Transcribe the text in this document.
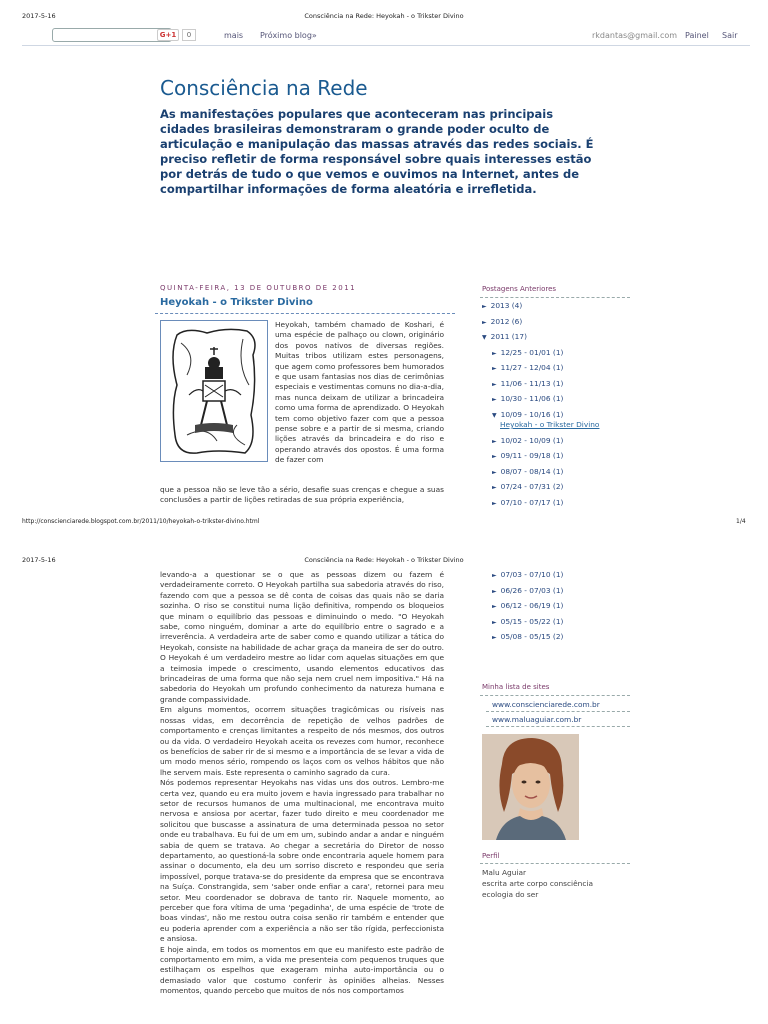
2017-5-16	Consciência na Rede: Heyokah - o Trikster Divino
G+1	0	mais Próximo blog»	rkdantas@gmail.com Painel Sair
Consciência na Rede
As manifestações populares que aconteceram nas principais cidades brasileiras demonstraram o grande poder oculto de articulação e manipulação das massas através das redes sociais. É preciso refletir de forma responsável sobre quais interesses estão por detrás de tudo o que vemos e ouvimos na Internet, antes de compartilhar informações de forma aleatória e irrefletida.
QUINTA-FEIRA, 13 DE OUTUBRO DE 2011
Heyokah - o Trikster Divino
Heyokah, também chamado de Koshari, é uma espécie de palhaço ou clown, originário dos povos nativos de diversas regiões. Muitas tribos utilizam estes personagens, que agem como professores bem humorados e que usam fantasias nos dias de cerimônias especiais e vestimentas comuns no dia-a-dia, mas nunca deixam de utilizar a brincadeira como uma forma de aprendizado. O Heyokah tem como objetivo fazer com que a pessoa pense sobre e a partir de si mesma, criando lições através da brincadeira e do riso e operando através dos opostos. É uma forma de fazer com
que a pessoa não se leve tão a sério, desafie suas crenças e chegue a suas conclusões a partir de lições retiradas de sua própria experiência,
Postagens Anteriores
► 2013 (4)
► 2012 (6)
▼ 2011 (17)
► 12/25 - 01/01 (1)
► 11/27 - 12/04 (1)
► 11/06 - 11/13 (1)
► 10/30 - 11/06 (1)
▼ 10/09 - 10/16 (1)
Heyokah - o Trikster Divino
► 10/02 - 10/09 (1)
► 09/11 - 09/18 (1)
► 08/07 - 08/14 (1)
► 07/24 - 07/31 (2)
► 07/10 - 07/17 (1)
http://conscienciarede.blogspot.com.br/2011/10/heyokah-o-trikster-divino.html	1/4
2017-5-16	Consciência na Rede: Heyokah - o Trikster Divino
levando-a a questionar se o que as pessoas dizem ou fazem é verdadeiramente correto. O Heyokah partilha sua sabedoria através do riso, fazendo com que a pessoa se dê conta de coisas das quais não se daria sozinha. O riso se constitui numa lição definitiva, rompendo os bloqueios que minam o equilíbrio das pessoas e diminuindo o medo. "O Heyokah sabe, como ninguém, dominar a arte do equilíbrio entre o sagrado e a irreverência. A verdadeira arte de saber como e quando utilizar a tática do Heyokah, consiste na habilidade de achar graça da maneira de ser do outro. O Heyokah é um verdadeiro mestre ao lidar com aquelas situações em que a teimosia impede o crescimento, usando elementos educativos das brincadeiras de uma forma que não seja nem cruel nem impositiva." Há na sabedoria do Heyokah um profundo conhecimento da natureza humana e grande compassividade.
Em alguns momentos, ocorrem situações tragicômicas ou risíveis nas nossas vidas, em decorrência de repetição de velhos padrões de comportamento e crenças limitantes a respeito de nós mesmos, dos outros ou da vida. O verdadeiro Heyokah aceita os revezes com humor, reconhece os benefícios de saber rir de si mesmo e a importância de se levar a vida de um modo menos sério, rompendo os laços com os velhos hábitos que não lhe servem mais. Este representa o caminho sagrado da cura.
Nós podemos representar Heyokahs nas vidas uns dos outros. Lembro-me certa vez, quando eu era muito jovem e havia ingressado para trabalhar no setor de recursos humanos de uma multinacional, me encontrava muito nervosa e ansiosa por acertar, fazer tudo direito e meu coordenador me solicitou que buscasse a assinatura de uma determinada pessoa no setor onde eu trabalhava. Eu fui de um em um, subindo andar a andar e ninguém sabia de quem se tratava. Ao chegar a secretária do Diretor de nosso departamento, ao questioná-la sobre onde encontraria aquele homem para assinar o documento, ela deu um sorriso discreto e respondeu que seria impossível, porque tratava-se do presidente da empresa que se encontrava na Suíça. Constrangida, sem 'saber onde enfiar a cara', retornei para meu setor. Meu coordenador se dobrava de tanto rir. Naquele momento, ao perceber que fora vítima de uma 'pegadinha', de uma espécie de 'trote de boas vindas', não me restou outra coisa senão rir também e entender que eu poderia aprender com a experiência a não ser tão rígida, perfeccionista e ansiosa.
E hoje ainda, em todos os momentos em que eu manifesto este padrão de comportamento em mim, a vida me presenteia com pequenos truques que estilhaçam os espelhos que exageram minha auto-importância ou o demasiado valor que costumo conferir às opiniões alheias. Nesses momentos, quando percebo que muitos de nós nos comportamos
► 07/03 - 07/10 (1)
► 06/26 - 07/03 (1)
► 06/12 - 06/19 (1)
► 05/15 - 05/22 (1)
► 05/08 - 05/15 (2)
Minha lista de sites
www.conscienciarede.com.br
www.maluaguiar.com.br
Perfil
Malu Aguiar
escrita arte corpo consciência
ecologia do ser
